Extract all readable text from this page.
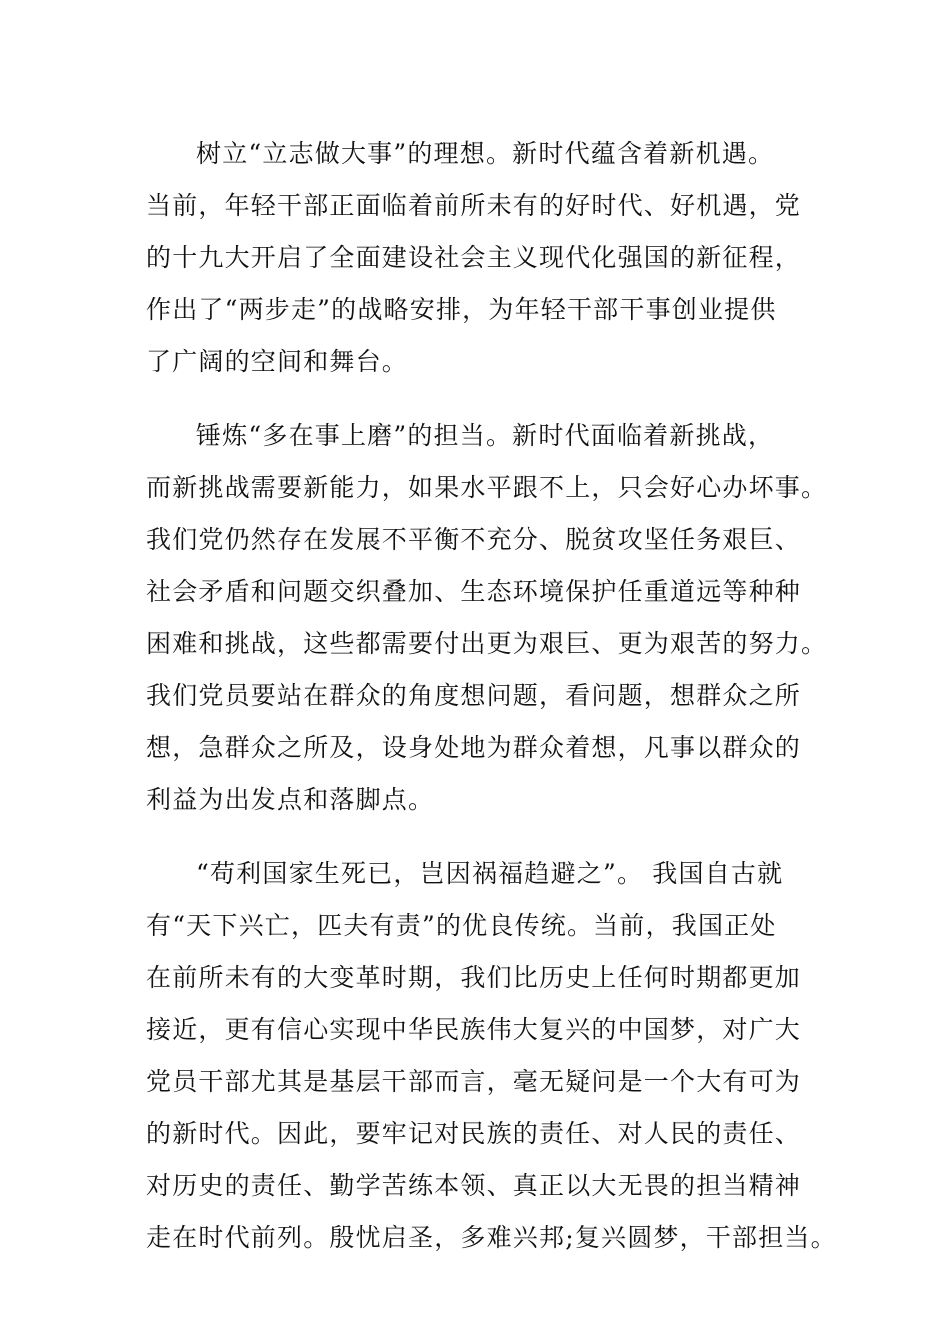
树立“立志做大事”的理想。新时代蕴含着新机遇。
当前，年轻干部正面临着前所未有的好时代、好机遇，党
的十九大开启了全面建设社会主义现代化强国的新征程，
作出了“两步走”的战略安排，为年轻干部干事创业提供
了广阔的空间和舞台。
锤炼“多在事上磨”的担当。新时代面临着新挑战，
而新挑战需要新能力，如果水平跟不上，只会好心办坏事。
我们党仍然存在发展不平衡不充分、脱贫攻坚任务艰巨、
社会矛盾和问题交织叠加、生态环境保护任重道远等种种
困难和挑战，这些都需要付出更为艰巨、更为艰苦的努力。
我们党员要站在群众的角度想问题，看问题，想群众之所
想，急群众之所及，设身处地为群众着想，凡事以群众的
利益为出发点和落脚点。
“苟利国家生死已，岂因祸福趋避之”。 我国自古就
有“天下兴亡，匹夫有责”的优良传统。当前，我国正处
在前所未有的大变革时期，我们比历史上任何时期都更加
接近，更有信心实现中华民族伟大复兴的中国梦，对广大
党员干部尤其是基层干部而言，毫无疑问是一个大有可为
的新时代。因此，要牢记对民族的责任、对人民的责任、
对历史的责任、勤学苦练本领、真正以大无畏的担当精神
走在时代前列。殷忧启圣，多难兴邦;复兴圆梦，干部担当。
